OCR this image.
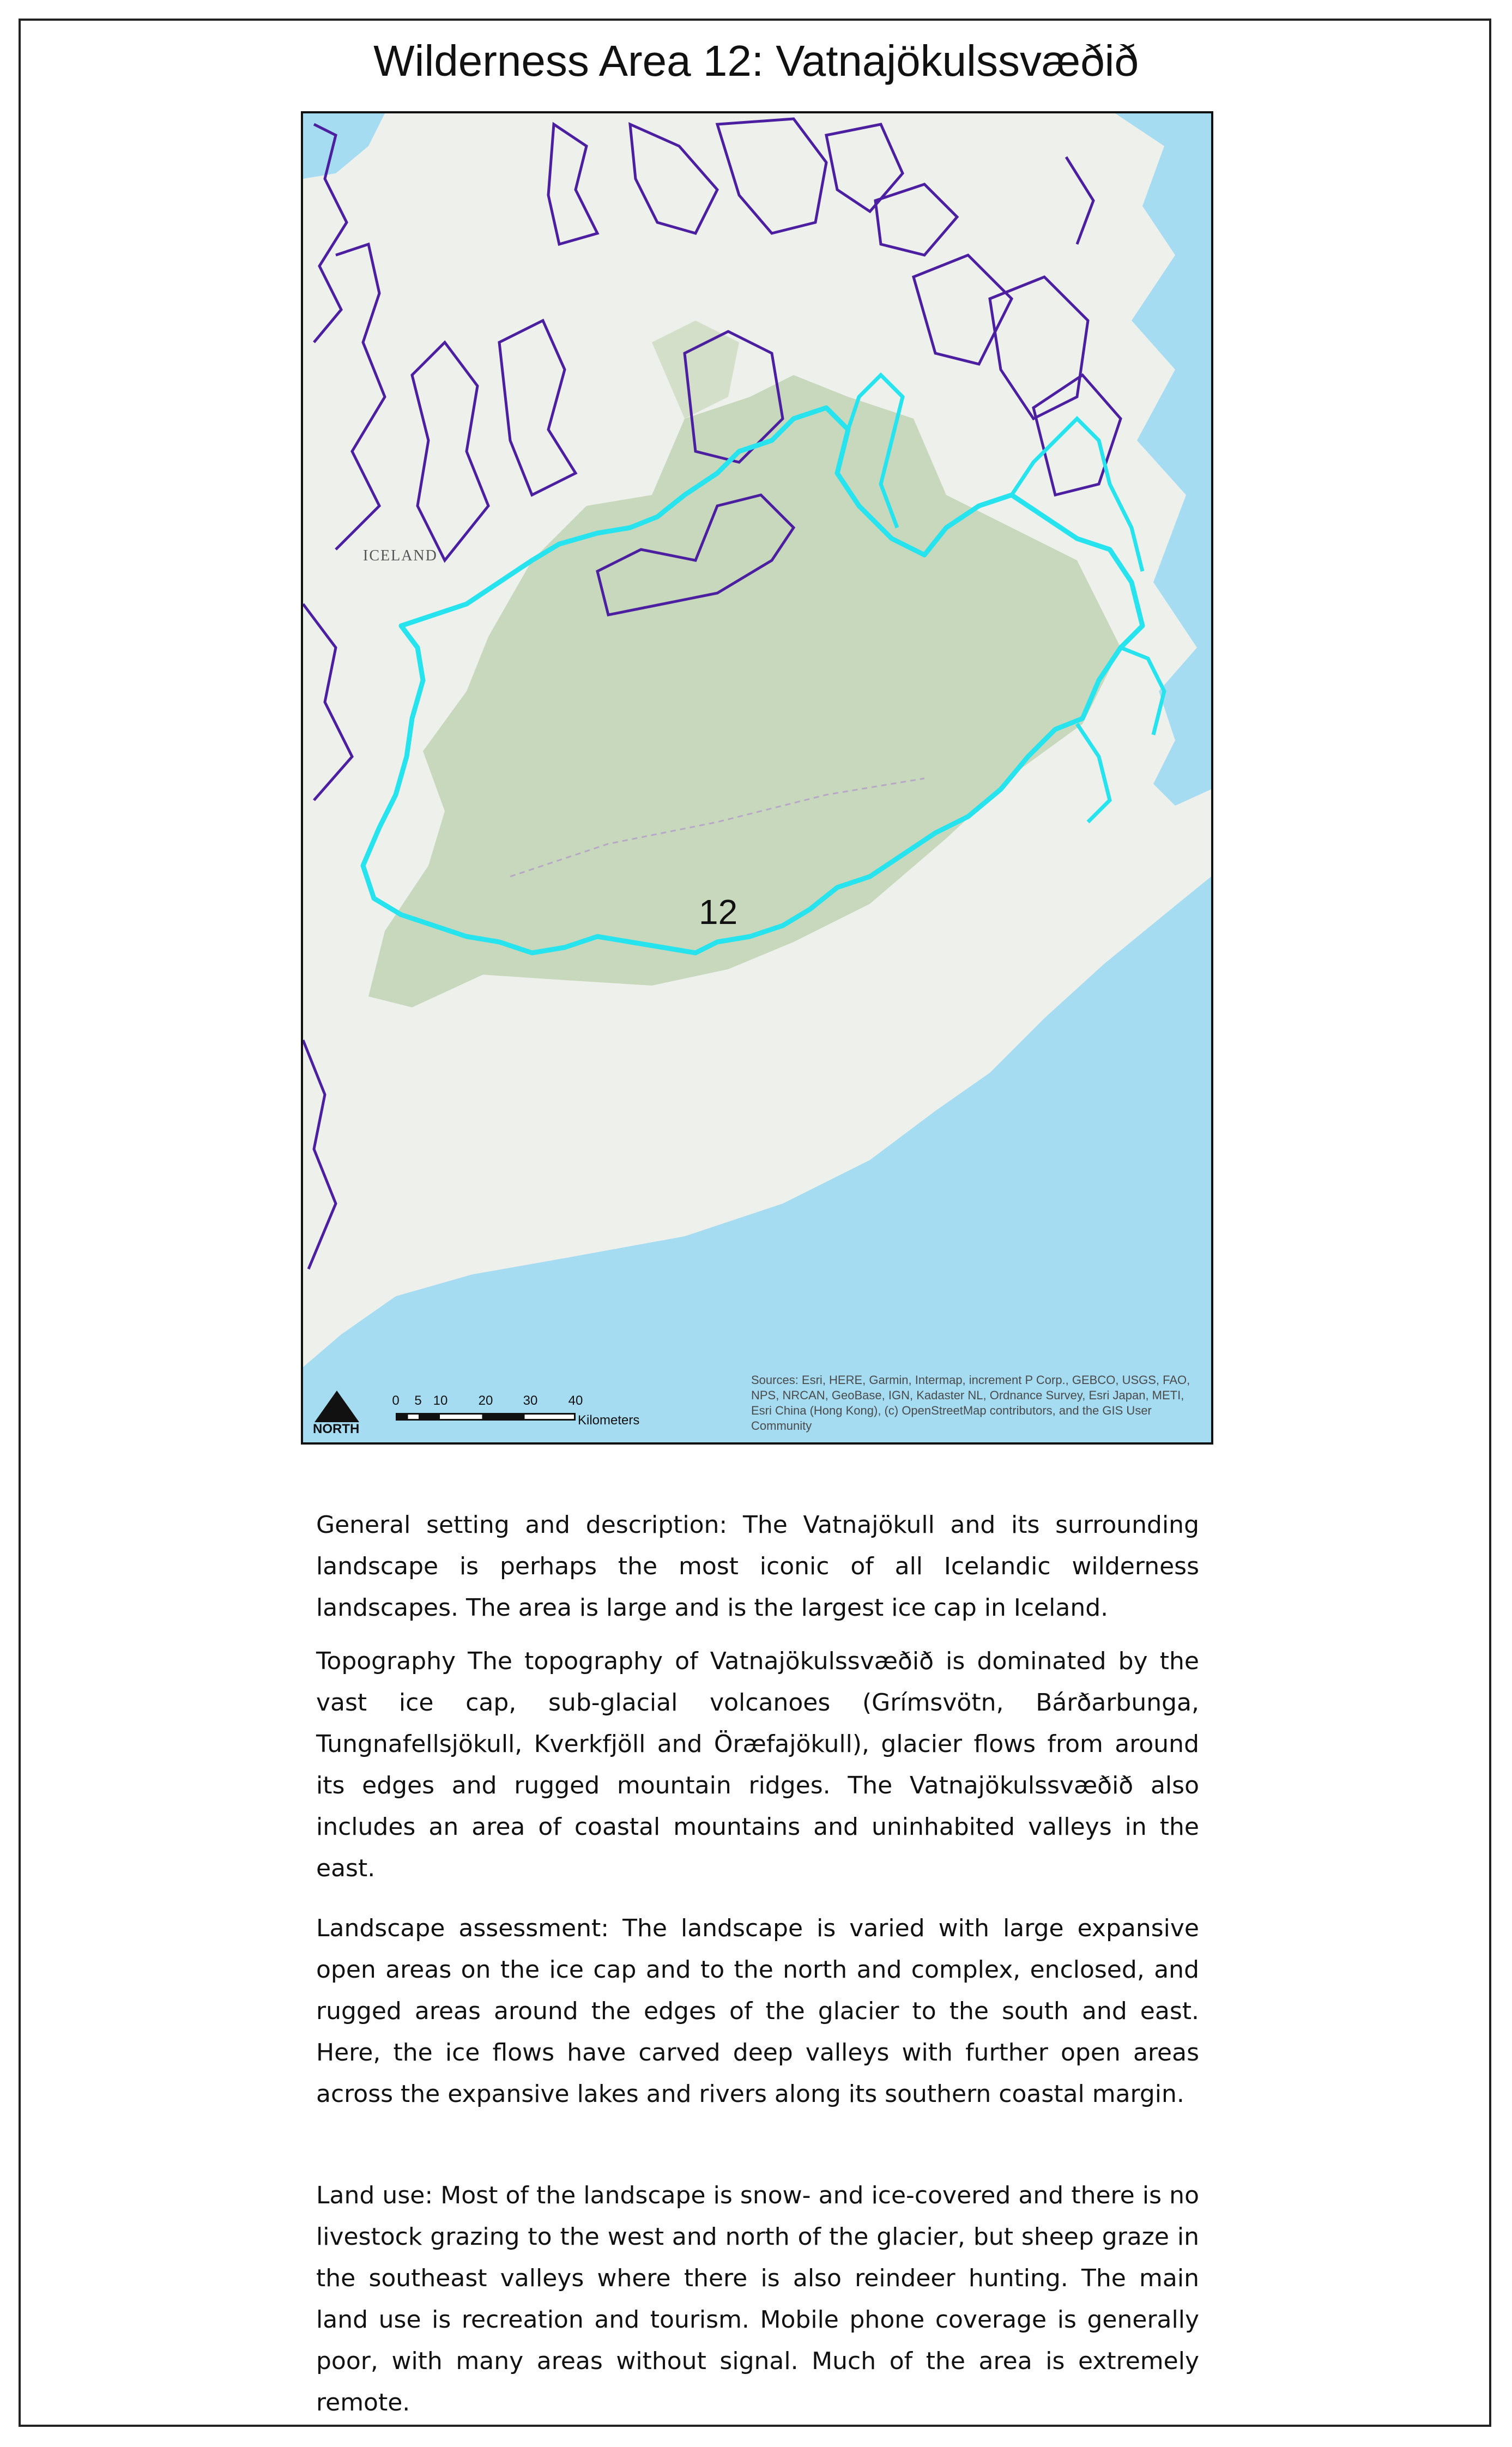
Wilderness Area 12: Vatnajökulssvæðið
ICELAND
12
NORTH
0 5 10 20 30 40
Kilometers
Sources: Esri, HERE, Garmin, Intermap, increment P Corp., GEBCO, USGS, FAO, NPS, NRCAN, GeoBase, IGN, Kadaster NL, Ordnance Survey, Esri Japan, METI, Esri China (Hong Kong), (c) OpenStreetMap contributors, and the GIS User Community
General setting and description: The Vatnajökull and its surrounding landscape is perhaps the most iconic of all Icelandic wilderness landscapes. The area is large and is the largest ice cap in Iceland.
Topography The topography of Vatnajökulssvæðið is dominated by the vast ice cap, sub-glacial volcanoes (Grímsvötn, Bárðarbunga, Tungnafellsjökull, Kverkfjöll and Öræfajökull), glacier flows from around its edges and rugged mountain ridges. The Vatnajökulssvæðið also includes an area of coastal mountains and uninhabited valleys in the east.
Landscape assessment: The landscape is varied with large expansive open areas on the ice cap and to the north and complex, enclosed, and rugged areas around the edges of the glacier to the south and east. Here, the ice flows have carved deep valleys with further open areas across the expansive lakes and rivers along its southern coastal margin.
Land use: Most of the landscape is snow- and ice-covered and there is no livestock grazing to the west and north of the glacier, but sheep graze in the southeast valleys where there is also reindeer hunting. The main land use is recreation and tourism. Mobile phone coverage is generally poor, with many areas without signal. Much of the area is extremely remote.
